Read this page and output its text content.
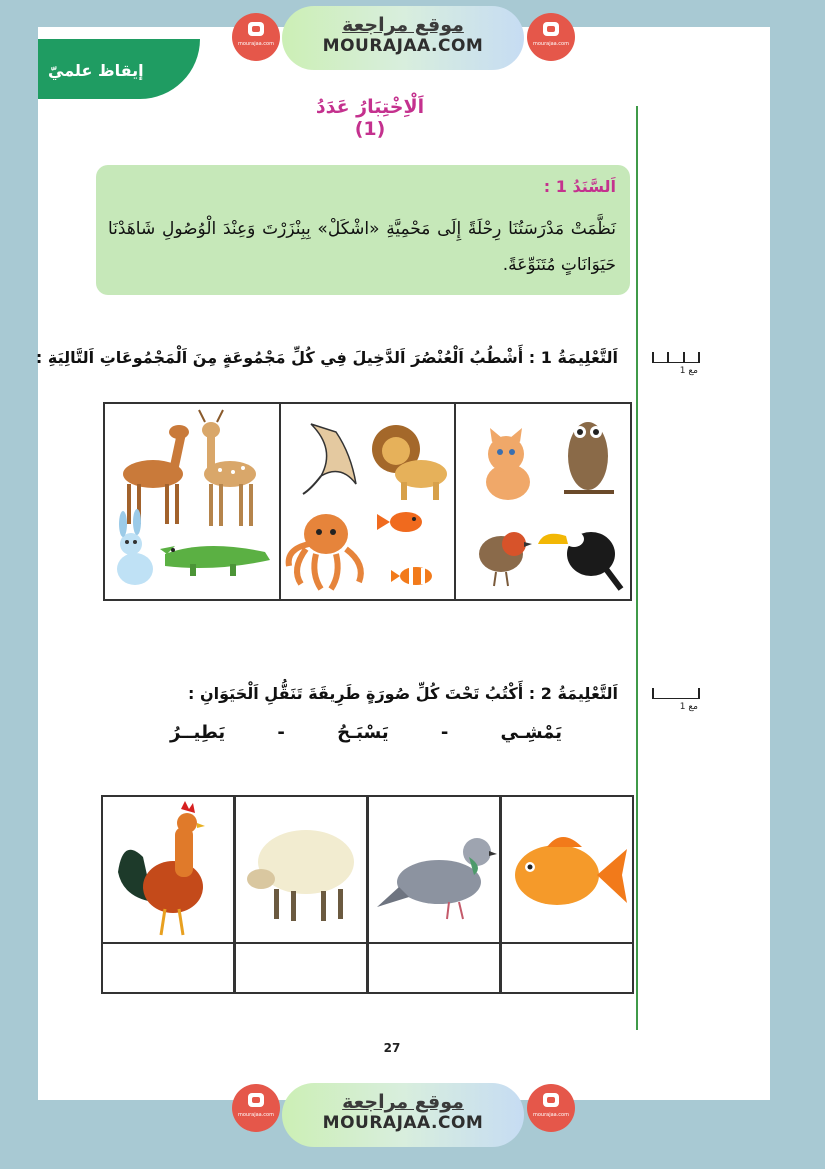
mourajaa.com
موقع مراجعة
MOURAJAA.COM	mourajaa.com
إيقاظ علميّ
اَلْاِخْتِبَارُ عَدَدُ (1)
اَلسَّنَدُ 1 :
نَظَّمَتْ مَدْرَسَتُنَا رِحْلَةً إِلَى مَحْمِيَّةِ «اشْكَلْ» بِبِنْزَرْتَ وَعِنْدَ الْوُصُولِ شَاهَدْنَا حَيَوَانَاتٍ مُتَنَوِّعَةً.
اَلتَّعْلِيمَةُ 1 : أَشْطُبُ اَلْعُنْصُرَ اَلدَّخِيلَ فِي كُلِّ مَجْمُوعَةٍ مِنَ اَلْمَجْمُوعَاتِ اَلتَّالِيَةِ :
مع 1
اَلتَّعْلِيمَةُ 2 : أَكْتُبُ تَحْتَ كُلِّ صُورَةٍ طَرِيقَةَ تَنَقُّلِ اَلْحَيَوَانِ :
مع 1
يَمْشِـي
-
يَسْبَـحُ
-
يَطِيــرُ
27
mourajaa.com
موقع مراجعة
MOURAJAA.COM	mourajaa.com
